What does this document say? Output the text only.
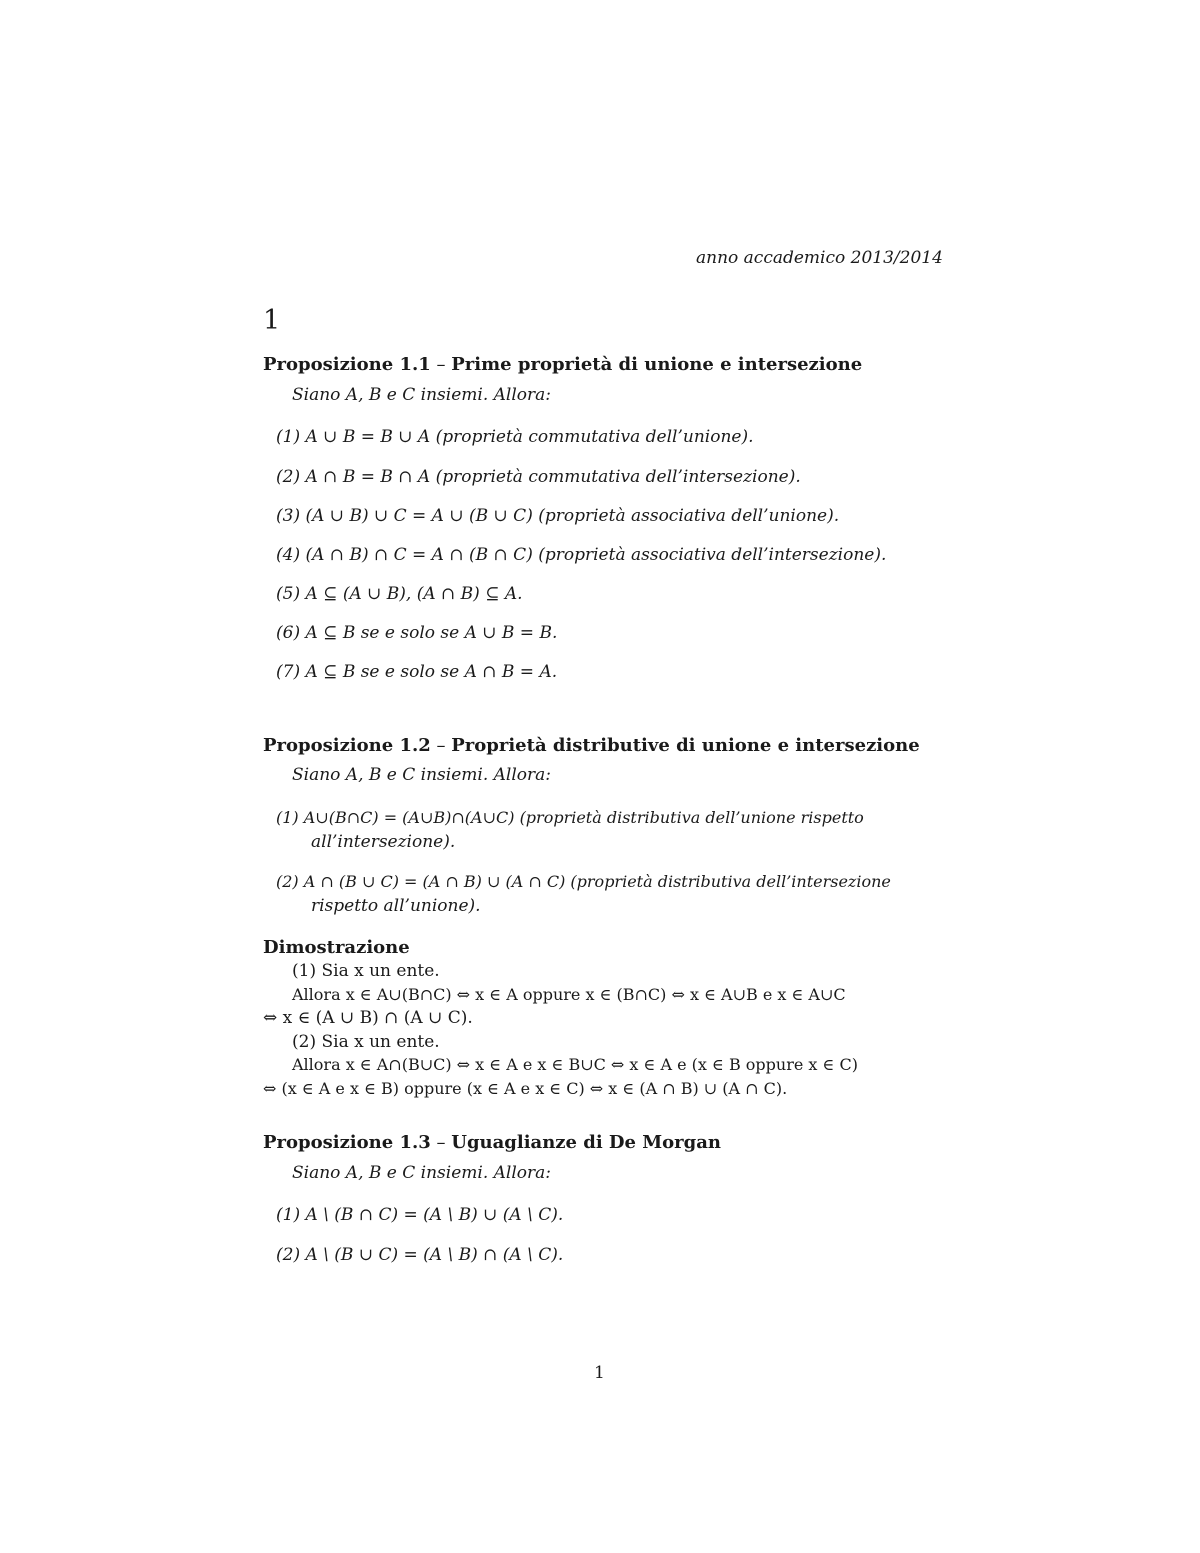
anno accademico 2013/2014
1
Proposizione 1.1 – Prime proprietà di unione e intersezione
Siano A, B e C insiemi. Allora:
(1) A ∪ B = B ∪ A (proprietà commutativa dell’unione).
(2) A ∩ B = B ∩ A (proprietà commutativa dell’intersezione).
(3) (A ∪ B) ∪ C = A ∪ (B ∪ C) (proprietà associativa dell’unione).
(4) (A ∩ B) ∩ C = A ∩ (B ∩ C) (proprietà associativa dell’intersezione).
(5) A ⊆ (A ∪ B), (A ∩ B) ⊆ A.
(6) A ⊆ B se e solo se A ∪ B = B.
(7) A ⊆ B se e solo se A ∩ B = A.
Proposizione 1.2 – Proprietà distributive di unione e intersezione
Siano A, B e C insiemi. Allora:
(1) A∪(B∩C) = (A∪B)∩(A∪C) (proprietà distributiva dell’unione rispetto
all’intersezione).
(2) A ∩ (B ∪ C) = (A ∩ B) ∪ (A ∩ C) (proprietà distributiva dell’intersezione
rispetto all’unione).
Dimostrazione
(1) Sia x un ente.
Allora x ∈ A∪(B∩C) ⇔ x ∈ A oppure x ∈ (B∩C) ⇔ x ∈ A∪B e x ∈ A∪C
⇔ x ∈ (A ∪ B) ∩ (A ∪ C).
(2) Sia x un ente.
Allora x ∈ A∩(B∪C) ⇔ x ∈ A e x ∈ B∪C ⇔ x ∈ A e (x ∈ B oppure x ∈ C)
⇔ (x ∈ A e x ∈ B) oppure (x ∈ A e x ∈ C) ⇔ x ∈ (A ∩ B) ∪ (A ∩ C).
Proposizione 1.3 – Uguaglianze di De Morgan
Siano A, B e C insiemi. Allora:
(1) A \ (B ∩ C) = (A \ B) ∪ (A \ C).
(2) A \ (B ∪ C) = (A \ B) ∩ (A \ C).
1
